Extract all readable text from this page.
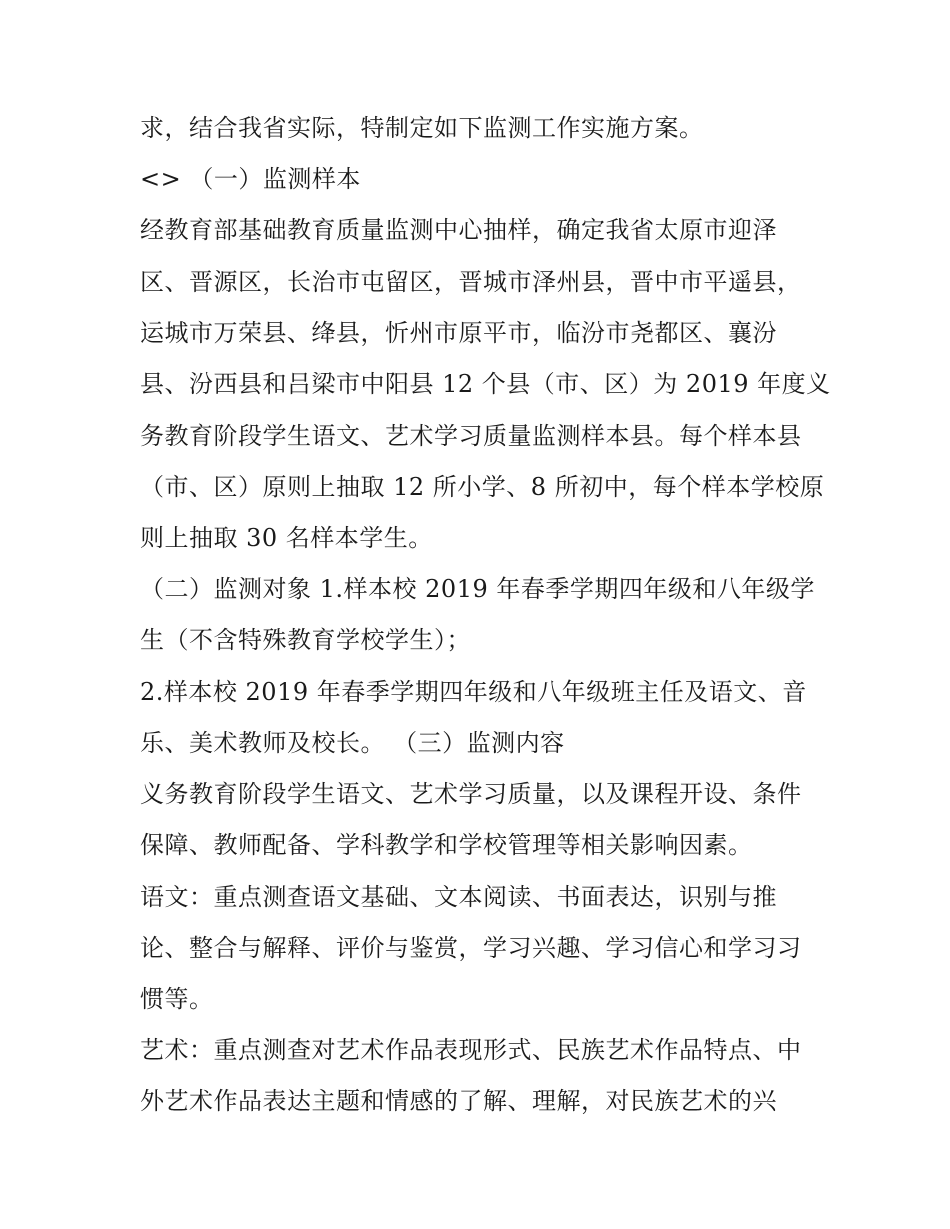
求，结合我省实际，特制定如下监测工作实施方案。
<> （一）监测样本
经教育部基础教育质量监测中心抽样，确定我省太原市迎泽
区、晋源区，长治市屯留区，晋城市泽州县，晋中市平遥县，
运城市万荣县、绛县，忻州市原平市，临汾市尧都区、襄汾
县、汾西县和吕梁市中阳县 12 个县（市、区）为 2019 年度义
务教育阶段学生语文、艺术学习质量监测样本县。每个样本县
（市、区）原则上抽取 12 所小学、8 所初中，每个样本学校原
则上抽取 30 名样本学生。
（二）监测对象 1.样本校 2019 年春季学期四年级和八年级学
生（不含特殊教育学校学生）；
2.样本校 2019 年春季学期四年级和八年级班主任及语文、音
乐、美术教师及校长。 （三）监测内容
义务教育阶段学生语文、艺术学习质量，以及课程开设、条件
保障、教师配备、学科教学和学校管理等相关影响因素。
语文：重点测查语文基础、文本阅读、书面表达，识别与推
论、整合与解释、评价与鉴赏，学习兴趣、学习信心和学习习
惯等。
艺术：重点测查对艺术作品表现形式、民族艺术作品特点、中
外艺术作品表达主题和情感的了解、理解，对民族艺术的兴
